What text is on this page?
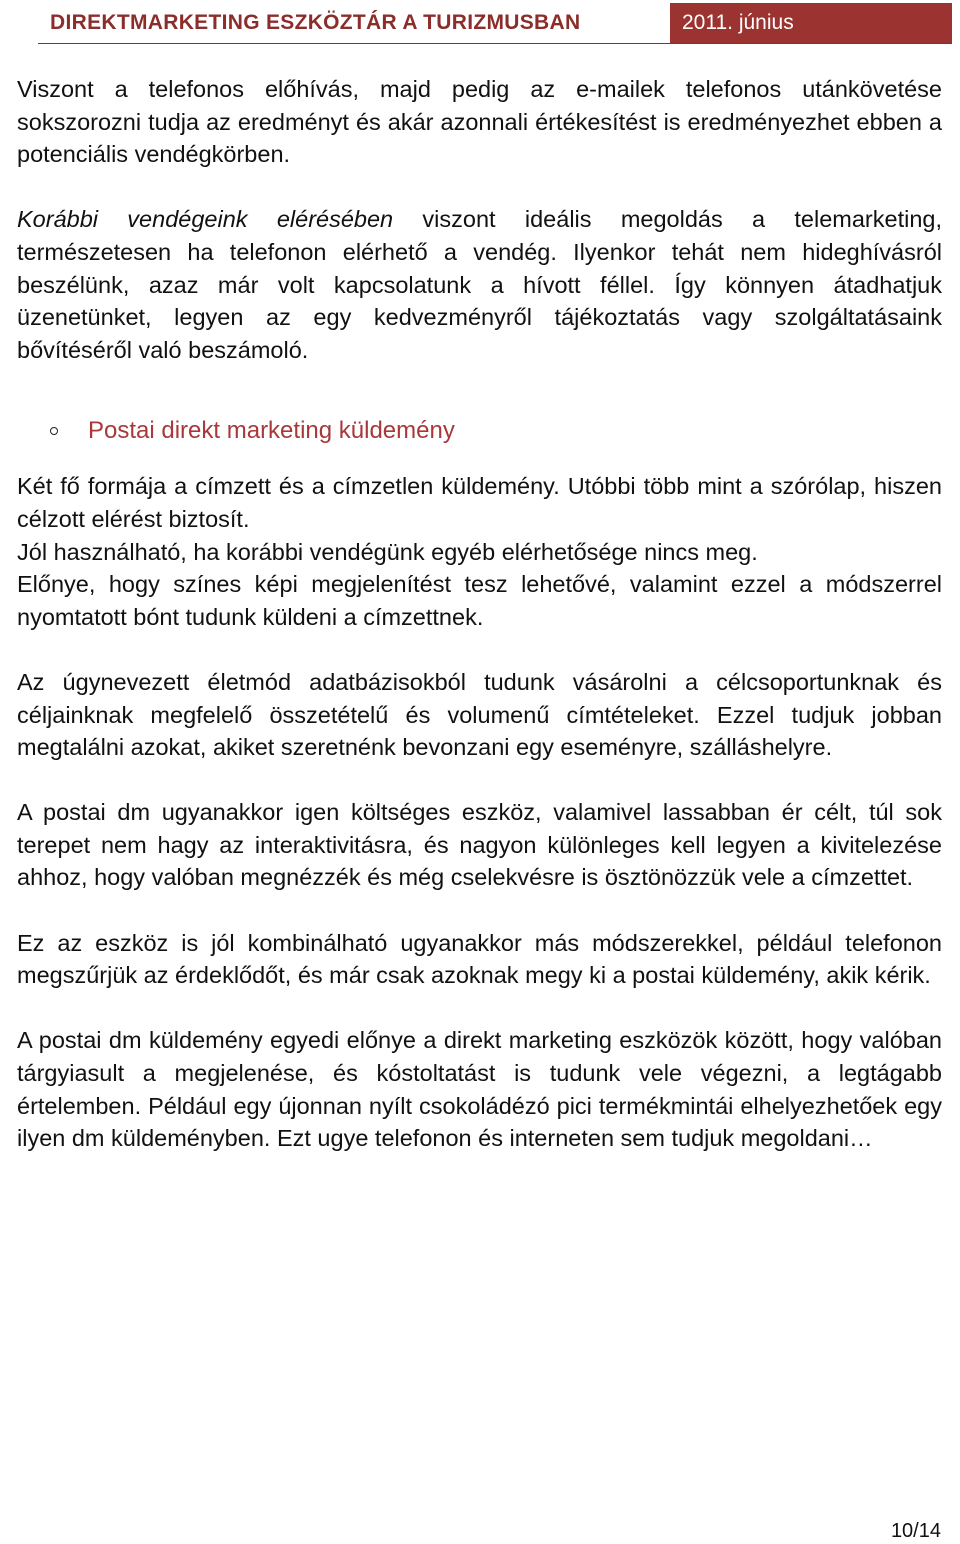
DIREKTMARKETING ESZKÖZTÁR A TURIZMUSBAN	2011. június

Viszont a telefonos előhívás, majd pedig az e-mailek telefonos utánkövetése sokszorozni tudja az eredményt és akár azonnali értékesítést is eredményezhet ebben a potenciális vendégkörben.

Korábbi vendégeink elérésében viszont ideális megoldás a telemarketing, természetesen ha telefonon elérhető a vendég. Ilyenkor tehát nem hideghívásról beszélünk, azaz már volt kapcsolatunk a hívott féllel. Így könnyen átadhatjuk üzenetünket, legyen az egy kedvezményről tájékoztatás vagy szolgáltatásaink bővítéséről való beszámoló.

Postai direkt marketing küldemény

Két fő formája a címzett és a címzetlen küldemény. Utóbbi több mint a szórólap, hiszen célzott elérést biztosít.

Jól használható, ha korábbi vendégünk egyéb elérhetősége nincs meg.

Előnye, hogy színes képi megjelenítést tesz lehetővé, valamint ezzel a módszerrel nyomtatott bónt tudunk küldeni a címzettnek.

Az úgynevezett életmód adatbázisokból tudunk vásárolni a célcsoportunknak és céljainknak megfelelő összetételű és volumenű címtételeket. Ezzel tudjuk jobban megtalálni azokat, akiket szeretnénk bevonzani egy eseményre, szálláshelyre.

A postai dm ugyanakkor igen költséges eszköz, valamivel lassabban ér célt, túl sok terepet nem hagy az interaktivitásra, és nagyon különleges kell legyen a kivitelezése ahhoz, hogy valóban megnézzék és még cselekvésre is ösztönözzük vele a címzettet.

Ez az eszköz is jól kombinálható ugyanakkor más módszerekkel, például telefonon megszűrjük az érdeklődőt, és már csak azoknak megy ki a postai küldemény, akik kérik.

A postai dm küldemény egyedi előnye a direkt marketing eszközök között, hogy valóban tárgyiasult a megjelenése, és kóstoltatást is tudunk vele végezni, a legtágabb értelemben. Például egy újonnan nyílt csokoládézó pici termékmintái elhelyezhetőek egy ilyen dm küldeményben. Ezt ugye telefonon és interneten sem tudjuk megoldani…

10/14
